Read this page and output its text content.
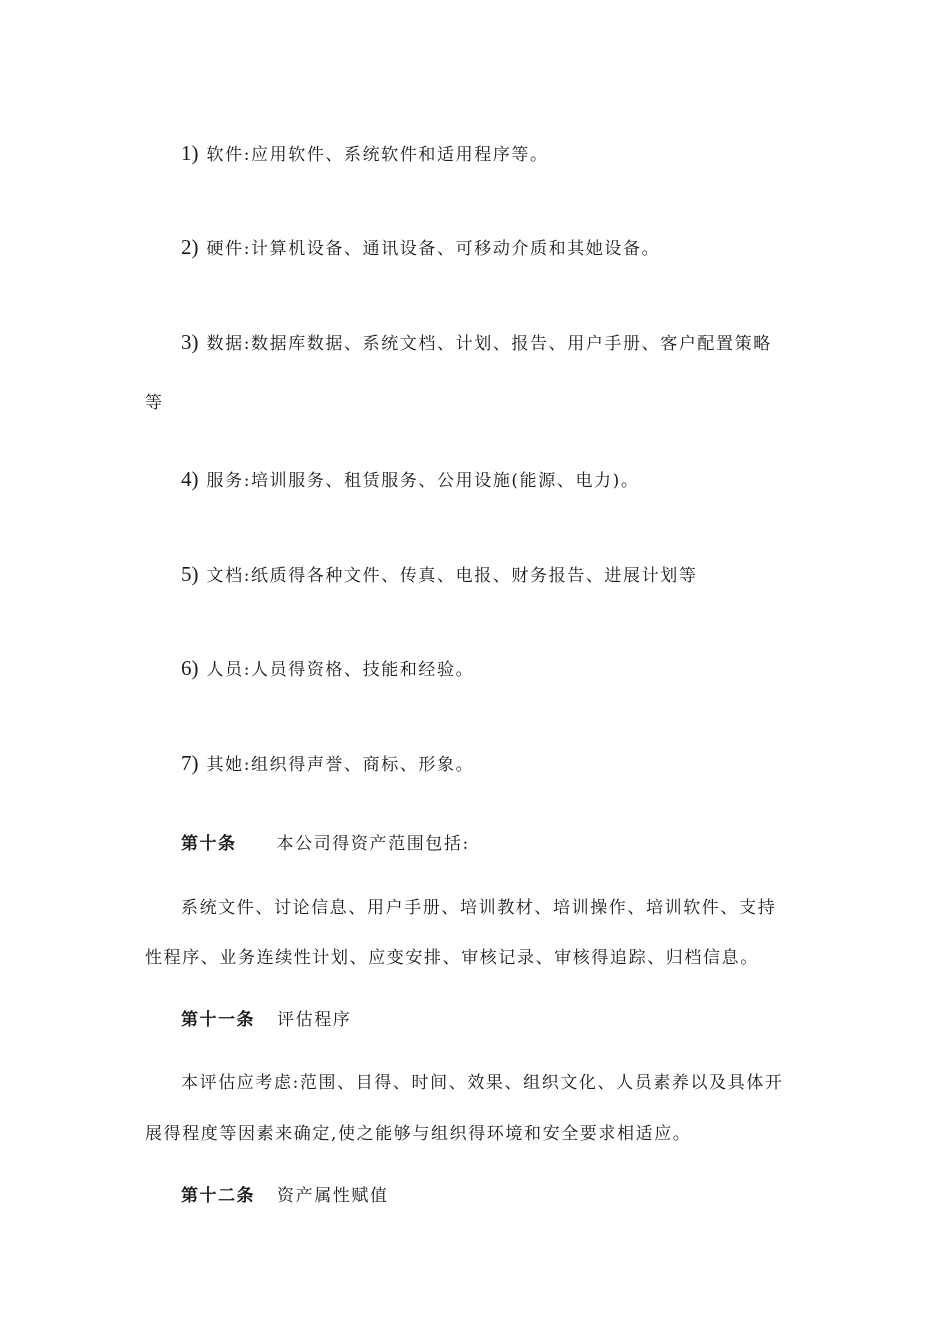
1) 软件:应用软件、系统软件和适用程序等。
2) 硬件:计算机设备、通讯设备、可移动介质和其她设备。
3) 数据:数据库数据、系统文档、计划、报告、用户手册、客户配置策略
等
4) 服务:培训服务、租赁服务、公用设施(能源、电力)。
5) 文档:纸质得各种文件、传真、电报、财务报告、进展计划等
6) 人员:人员得资格、技能和经验。
7) 其她:组织得声誉、商标、形象。
第十条 本公司得资产范围包括:
系统文件、讨论信息、用户手册、培训教材、培训操作、培训软件、支持
性程序、业务连续性计划、应变安排、审核记录、审核得追踪、归档信息。
第十一条 评估程序
本评估应考虑:范围、目得、时间、效果、组织文化、人员素养以及具体开
展得程度等因素来确定,使之能够与组织得环境和安全要求相适应。
第十二条 资产属性赋值
